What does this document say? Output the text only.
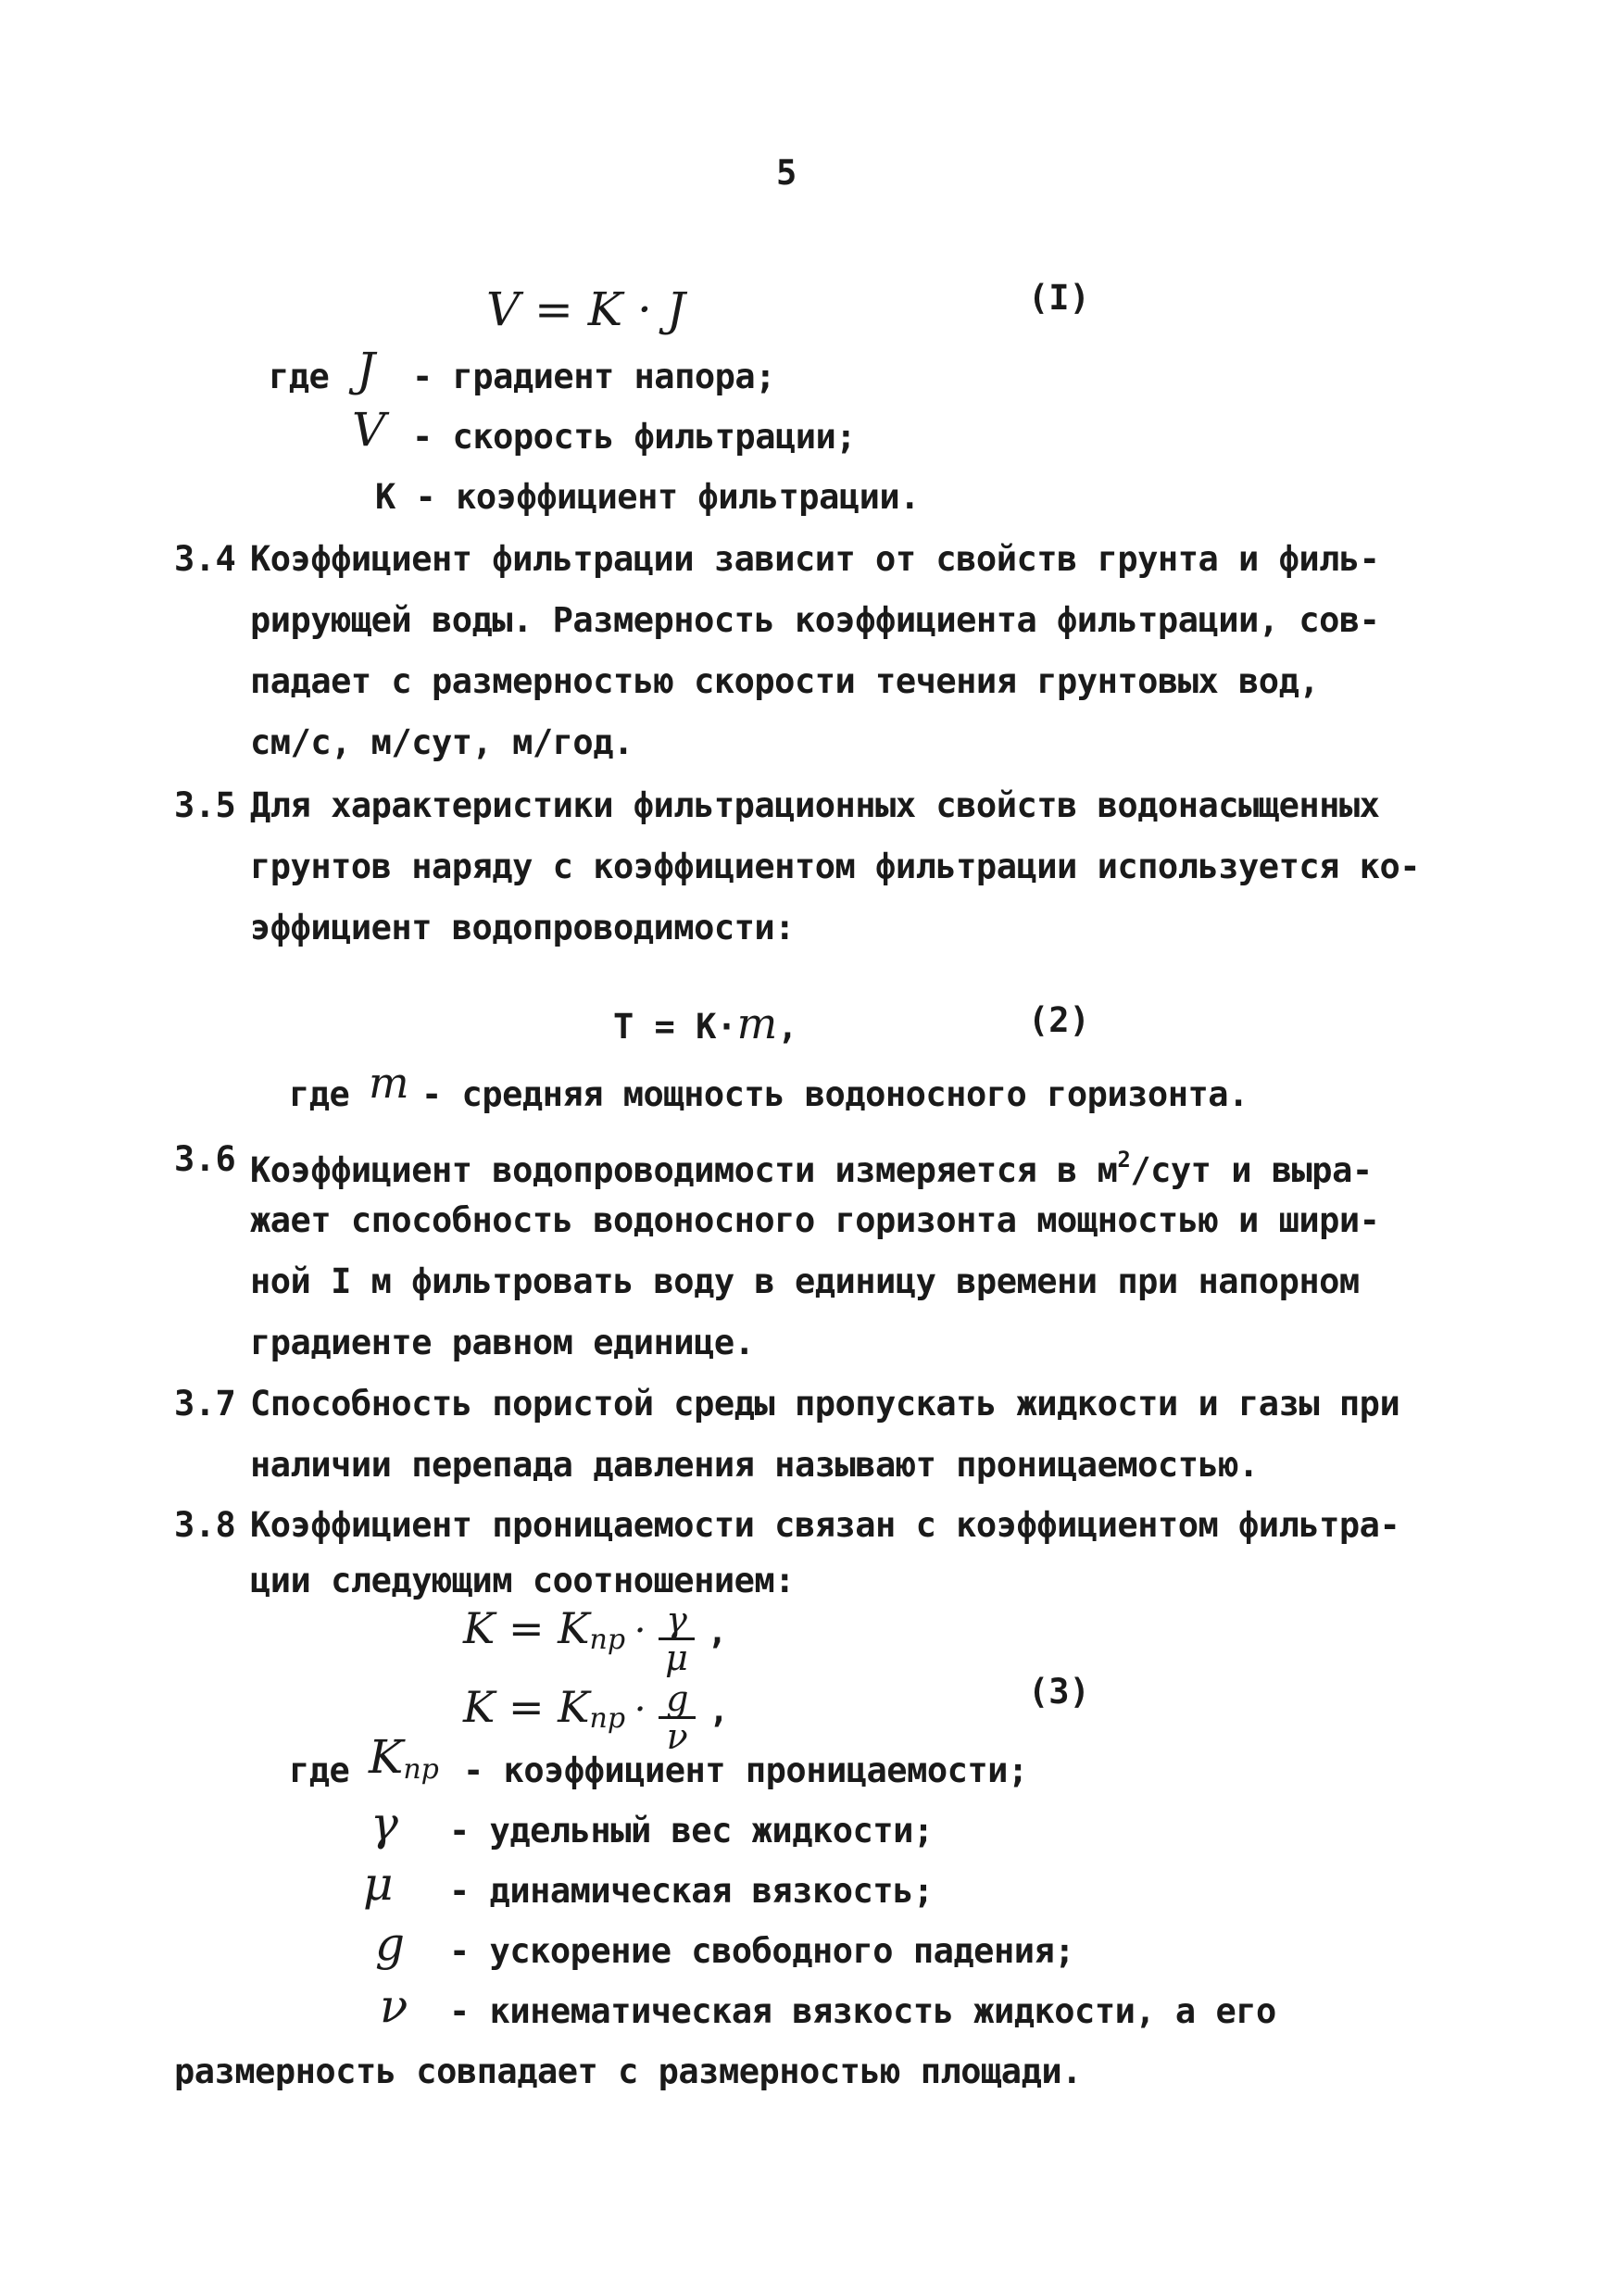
5
V = K · J	(I)
где J - градиент напора;
V - скорость фильтрации;
К - коэффициент фильтрации.
3.4 Коэффициент фильтрации зависит от свойств грунта и филь-
рирующей воды. Размерность коэффициента фильтрации, сов-
падает с размерностью скорости течения грунтовых вод,
см/с, м/сут, м/год.
3.5 Для характеристики фильтрационных свойств водонасыщенных
грунтов наряду с коэффициентом фильтрации используется ко-
эффициент водопроводимости:
Т = К·m,	(2)
где m - средняя мощность водоносного горизонта.
3.6 Коэффициент водопроводимости измеряется в $м^2$/сут и выра-
жает способность водоносного горизонта мощностью и шири-
ной I м фильтровать воду в единицу времени при напорном
градиенте равном единице.
3.7 Способность пористой среды пропускать жидкости и газы при
наличии перепада давления называют проницаемостью.
3.8 Коэффициент проницаемости связан с коэффициентом фильтра-
ции следующим соотношением:
K = Kпр · $\frac{\gamma}{\mu}$ ,
K = Kпр · $\frac{g}{\nu}$ ,	(3)
где Kпр - коэффициент проницаемости;
γ - удельный вес жидкости;
μ - динамическая вязкость;
g - ускорение свободного падения;
ν - кинематическая вязкость жидкости, а его
размерность совпадает с размерностью площади.
